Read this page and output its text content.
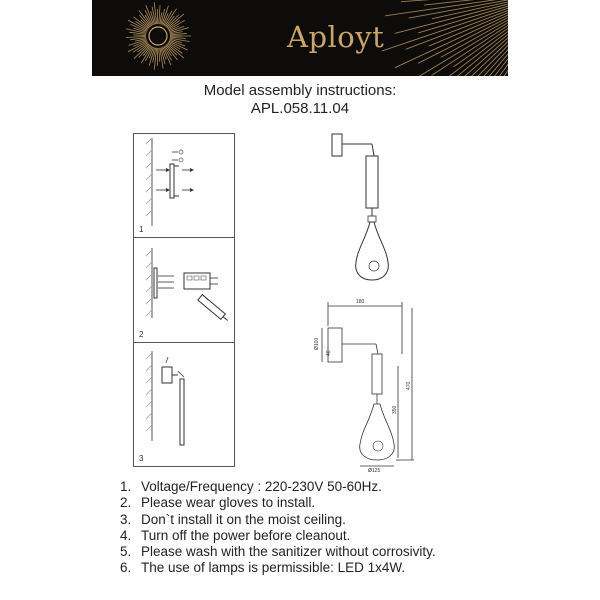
Aployt
Model assembly instructions:
APL.058.11.04
1
2
3
180
Ø100
40
470
350
Ø125
1. Voltage/Frequency : 220-230V 50-60Hz.
2. Please wear gloves to install.
3. Don`t install it on the moist ceiling.
4. Turn off the power before cleanout.
5. Please wash with the sanitizer without corrosivity.
6. The use of lamps is permissible: LED 1x4W.
